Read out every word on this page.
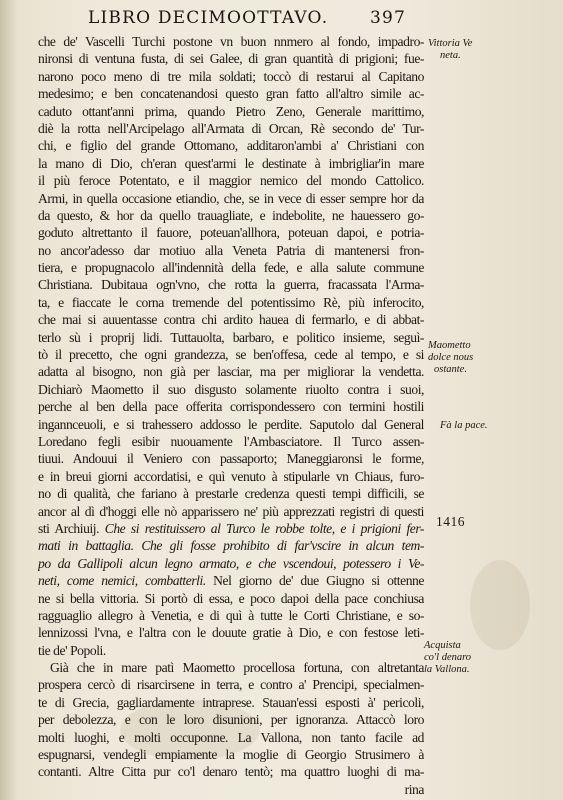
LIBRO DECIMOOTTAVO. 397
che de' Vascelli Turchi postone vn buon nnmero al fondo, impadro-
nironsi di ventuna fusta, di sei Galee, di gran quantità di prigioni; fue-
narono poco meno di tre mila soldati; toccò di restarui al Capitano
medesimo; e ben concatenandosi questo gran fatto all'altro simile ac-
caduto ottant'anni prima, quando Pietro Zeno, Generale marittimo,
diè la rotta nell'Arcipelago all'Armata di Orcan, Rè secondo de' Tur-
chi, e figlio del grande Ottomano, additaron'ambi a' Christiani con
la mano di Dio, ch'eran quest'armi le destinate à imbrigliar'in mare
il più feroce Potentato, e il maggior nemico del mondo Cattolico.
Armi, in quella occasione etiandio, che, se in vece di esser sempre hor da
da questo, & hor da quello trauagliate, e indebolite, ne hauessero go-
goduto altrettanto il fauore, poteuan'allhora, poteuan dapoi, e potria-
no ancor'adesso dar motiuo alla Veneta Patria di mantenersi fron-
tiera, e propugnacolo all'indennità della fede, e alla salute commune
Christiana. Dubitaua ogn'vno, che rotta la guerra, fracassata l'Arma-
ta, e fiaccate le corna tremende del potentissimo Rè, più inferocito,
che mai si auuentasse contra chi ardito hauea di fermarlo, e di abbat-
terlo sù i proprij lidi. Tuttauolta, barbaro, e politico insieme, seguì-
tò il precetto, che ogni grandezza, se ben'offesa, cede al tempo, e si
adatta al bisogno, non già per lasciar, ma per migliorar la vendetta.
Dichiarò Maometto il suo disgusto solamente riuolto contra i suoi,
perche al ben della pace offerita corrispondessero con termini hostili
ingannceuoli, e si trahessero addosso le perdite. Saputolo dal General
Loredano fegli esibir nuouamente l'Ambasciatore. Il Turco assen-
tiuui. Andouui il Veniero con passaporto; Maneggiaronsi le forme,
e in breui giorni accordatisi, e quì venuto à stipularle vn Chiaus, furo-
no di qualità, che fariano à prestarle credenza questi tempi difficili, se
ancor al dì d'hoggi elle nò apparissero ne' più apprezzati registri di questi
sti Archiuij. Che si restituissero al Turco le robbe tolte, e i prigioni fer-
mati in battaglia. Che gli fosse prohibito di far'vscire in alcun tem-
po da Gallipoli alcun legno armato, e che vscendoui, potessero i Ve-
neti, come nemici, combatterli. Nel giorno de' due Giugno si ottenne
ne si bella vittoria. Si portò di essa, e poco dapoi della pace conchiusa
ragguaglio allegro à Venetia, e di quì à tutte le Corti Christiane, e so-
lennizossi l'vna, e l'altra con le douute gratie à Dio, e con festose leti-
tie de' Popoli.
Già che in mare patì Maometto procellosa fortuna, con altretanta
prospera cercò di risarcirsene in terra, e contro a' Prencipi, specialmen-
te di Grecia, gagliardamente intraprese. Stauan'essi esposti à' pericoli,
per debolezza, e con le loro disunioni, per ignoranza. Attaccò loro
molti luoghi, e molti occuponne. La Vallona, non tanto facile ad
espugnarsi, vendegli empiamente la moglie di Georgio Strusimero à
contanti. Altre Citta pur co'l denaro tentò; ma quattro luoghi di ma-
rina
Vittoria Ve
neta.
Maometto
dolce nous
ostante.
Fà la pace.
1416
Acquista
co'l denaro
la Vallona.
